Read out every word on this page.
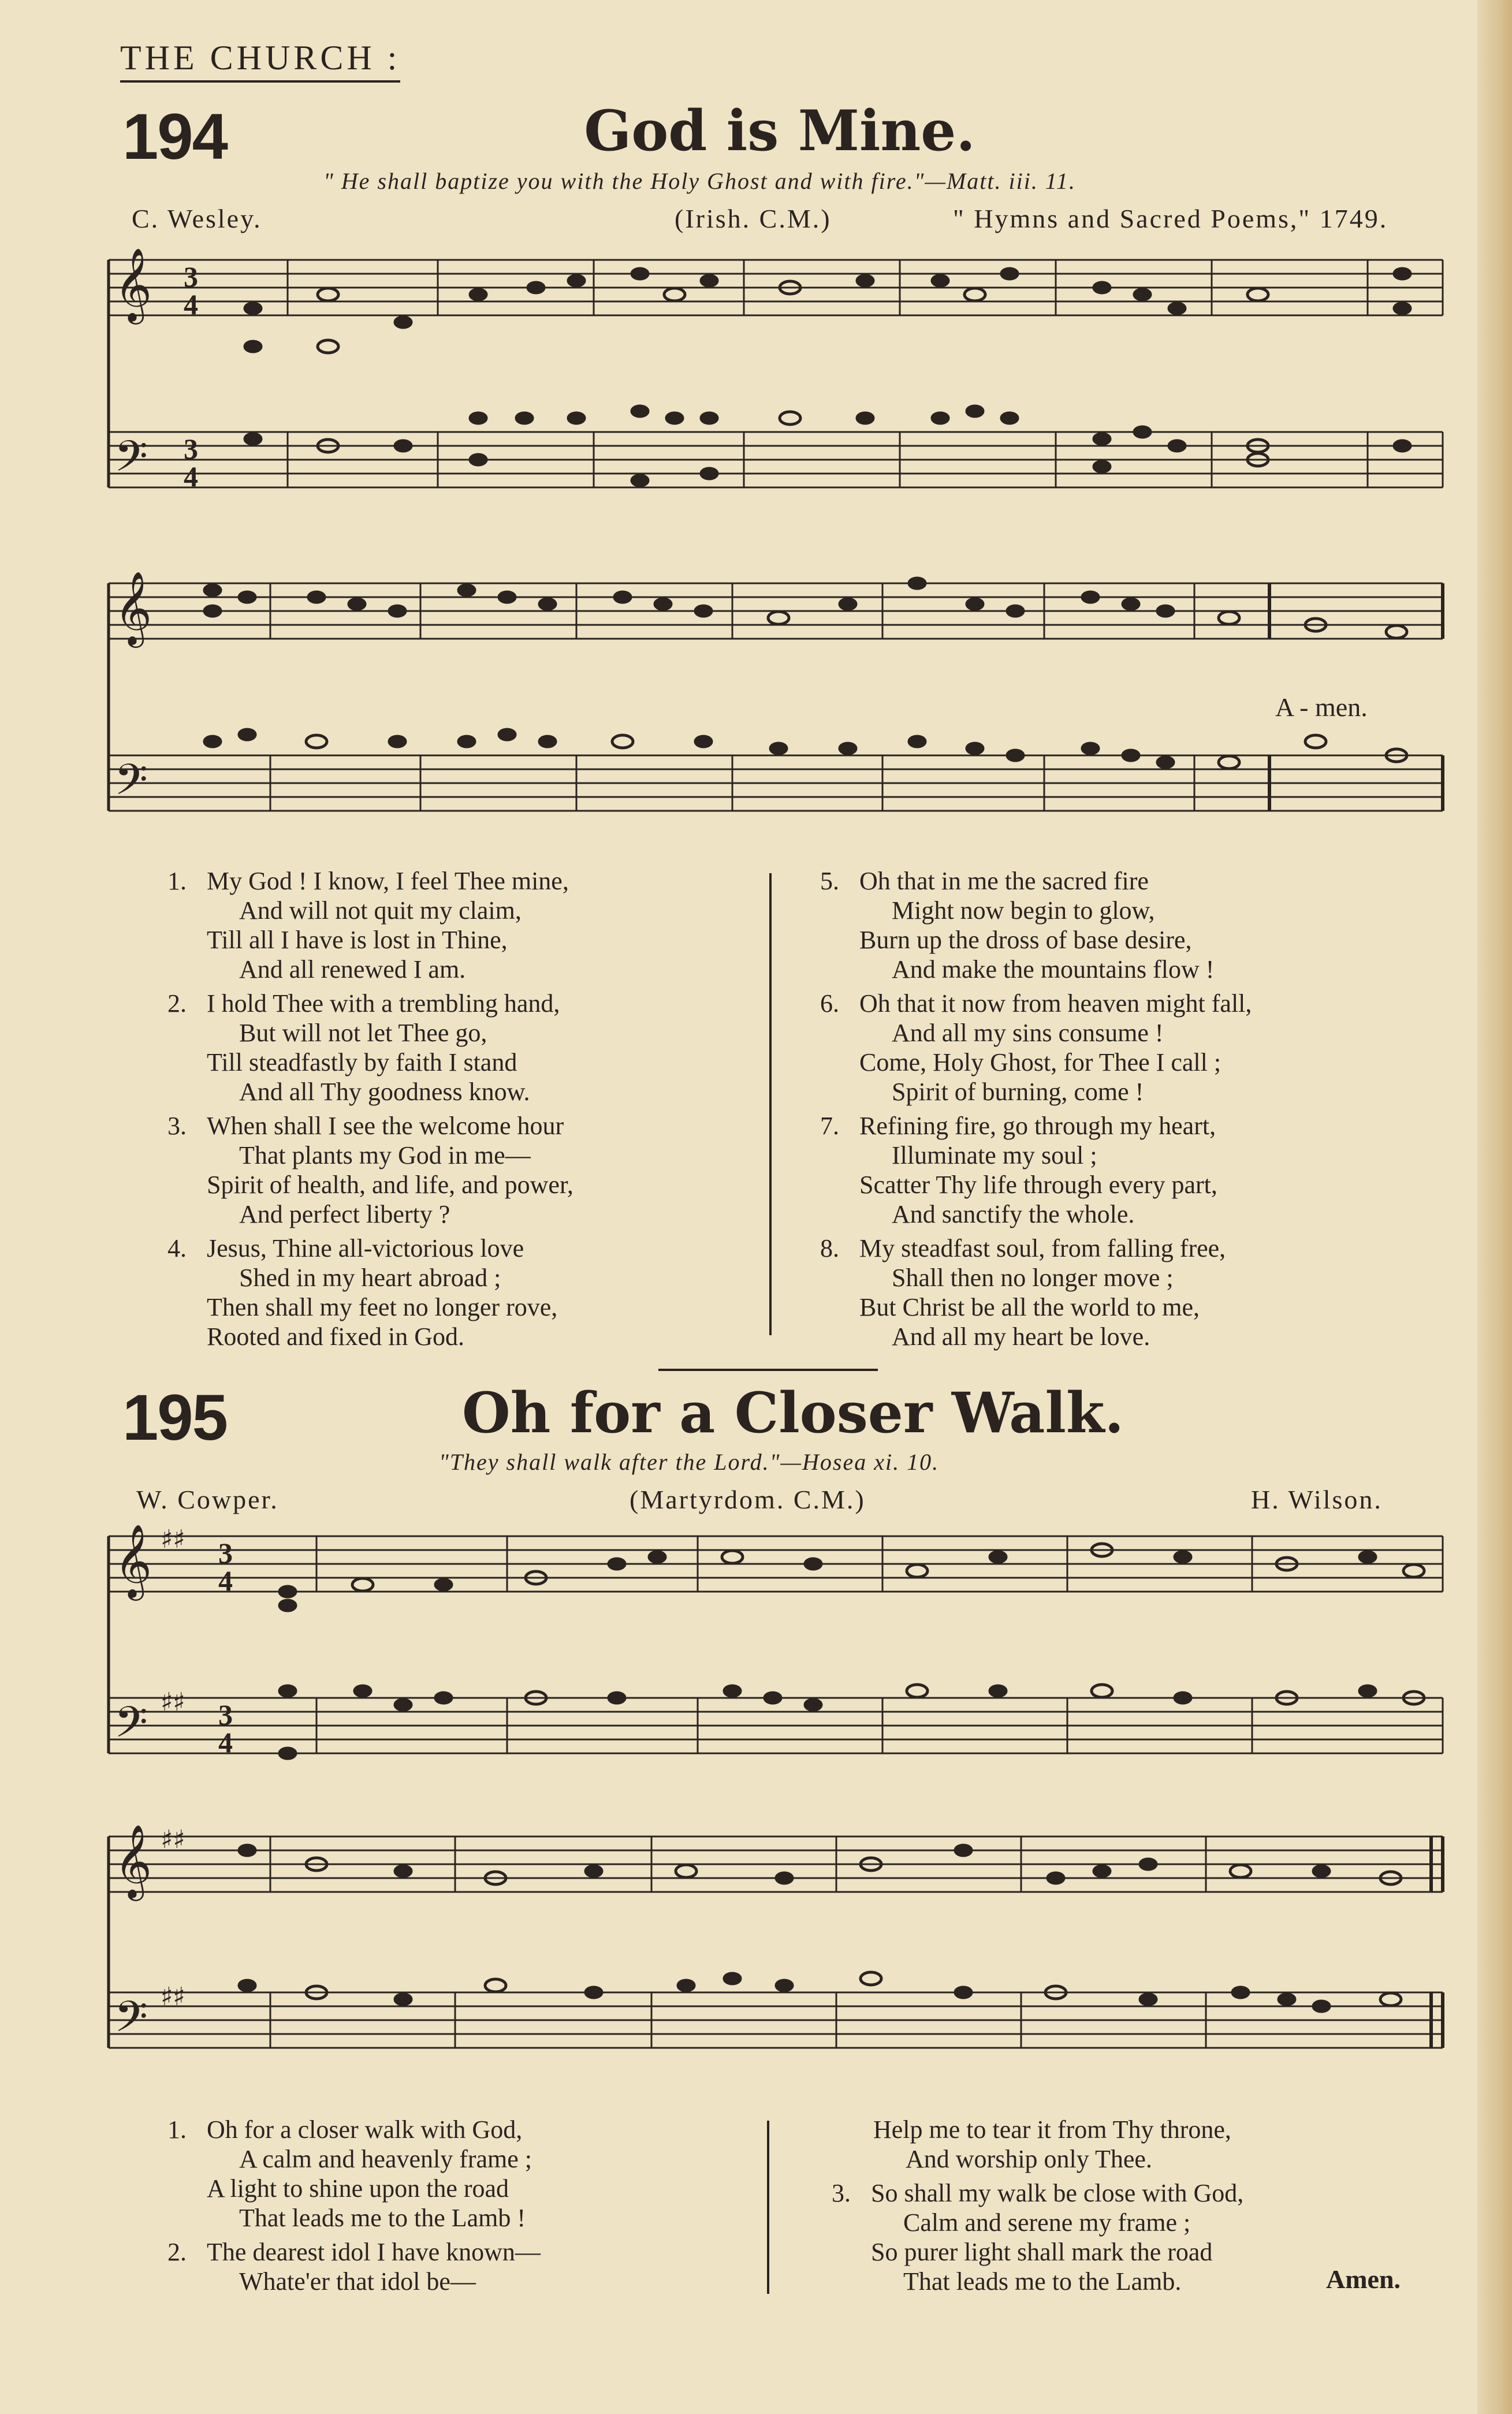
THE CHURCH :
194	God is Mine.
" He shall baptize you with the Holy Ghost and with fire."—Matt. iii. 11.
C. Wesley.	(Irish. C.M.)	" Hymns and Sacred Poems," 1749.
𝄞
𝄢
3
4
3
4
𝄞
𝄢
A - men.
1. My God ! I know, I feel Thee mine,
And will not quit my claim,
Till all I have is lost in Thine,
And all renewed I am.
2. I hold Thee with a trembling hand,
But will not let Thee go,
Till steadfastly by faith I stand
And all Thy goodness know.
3. When shall I see the welcome hour
That plants my God in me—
Spirit of health, and life, and power,
And perfect liberty ?
4. Jesus, Thine all-victorious love
Shed in my heart abroad ;
Then shall my feet no longer rove,
Rooted and fixed in God.
5. Oh that in me the sacred fire
Might now begin to glow,
Burn up the dross of base desire,
And make the mountains flow !
6. Oh that it now from heaven might fall,
And all my sins consume !
Come, Holy Ghost, for Thee I call ;
Spirit of burning, come !
7. Refining fire, go through my heart,
Illuminate my soul ;
Scatter Thy life through every part,
And sanctify the whole.
8. My steadfast soul, from falling free,
Shall then no longer move ;
But Christ be all the world to me,
And all my heart be love.
195	Oh for a Closer Walk.
"They shall walk after the Lord."—Hosea xi. 10.
W. Cowper.	(Martyrdom. C.M.)	H. Wilson.
𝄞
𝄢
♯♯
♯♯
3
4
3
4
𝄞
𝄢
♯♯
♯♯
1. Oh for a closer walk with God,
A calm and heavenly frame ;
A light to shine upon the road
That leads me to the Lamb !
2. The dearest idol I have known—
Whate'er that idol be—
Help me to tear it from Thy throne,
And worship only Thee.
3. So shall my walk be close with God,
Calm and serene my frame ;
So purer light shall mark the road
That leads me to the Lamb.	Amen.
